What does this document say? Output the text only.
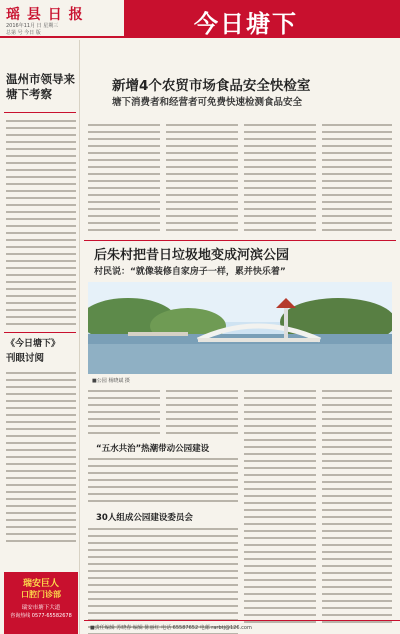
瑶 县 日 报
2016年11月 日 星期三
总第 号 今日 版	今日塘下
温州市领导来塘下考察
《今日塘下》
刊眼讨阅
瑞安巨人
口腔门诊部
瑞安市塘下大道
咨询热线 0577-65582678
新增4个农贸市场食品安全快检室
塘下消费者和经营者可免费快速检测食品安全
后朱村把昔日垃圾地变成河滨公园
村民说：“就像装修自家房子一样，累并快乐着”
■公园 杨晓斌 摄
“五水共治”热潮带动公园建设
30人组成公园建设委员会
■责任编辑 苏晓春 编辑 陈丽红 电话 65587652 电邮 rarbtj@126.com
